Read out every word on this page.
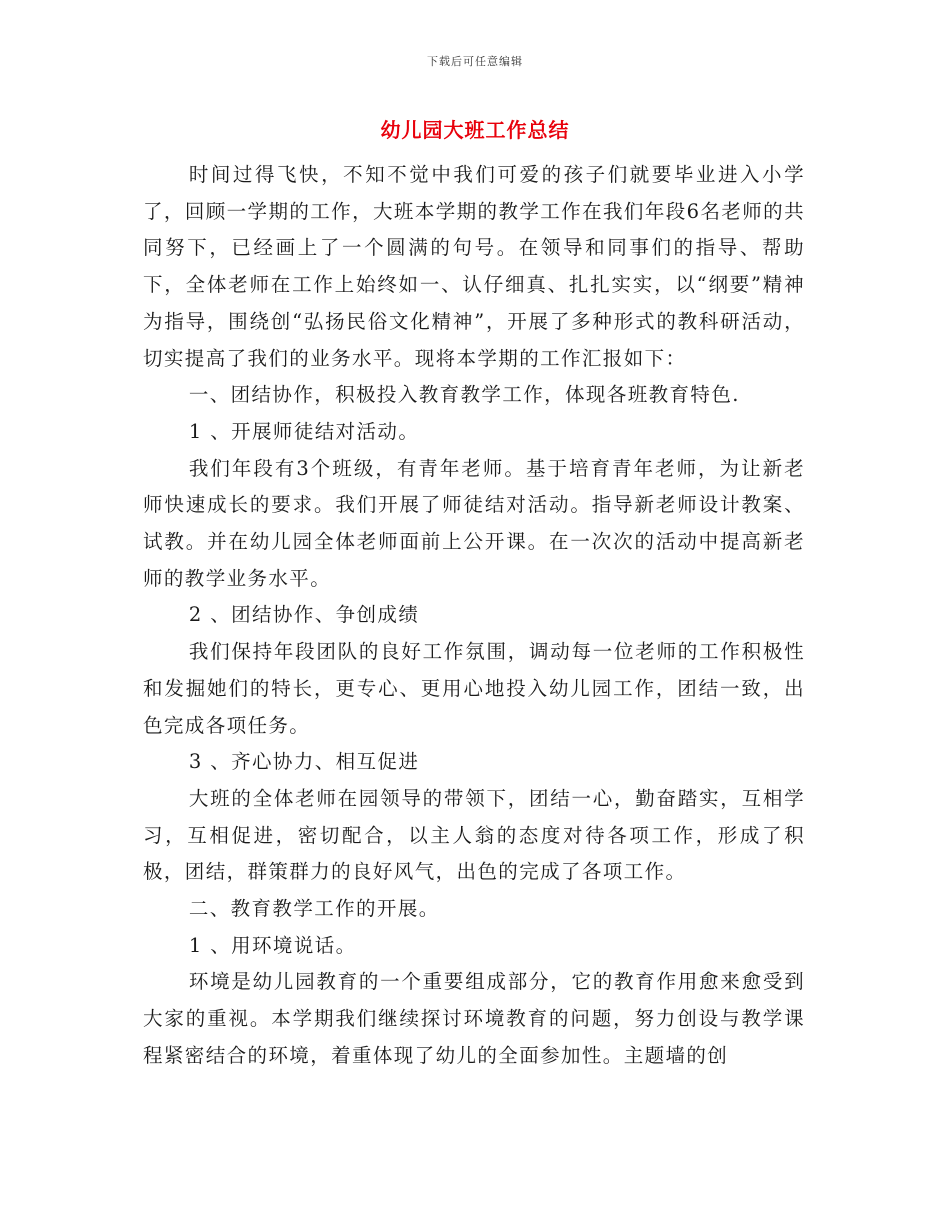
下载后可任意编辑
幼儿园大班工作总结

时间过得飞快，不知不觉中我们可爱的孩子们就要毕业进入小学了，回顾一学期的工作，大班本学期的教学工作在我们年段6名老师的共同努下，已经画上了一个圆满的句号。在领导和同事们的指导、帮助下，全体老师在工作上始终如一、认仔细真、扎扎实实，以“纲要”精神为指导，围绕创“弘扬民俗文化精神”，开展了多种形式的教科研活动，切实提高了我们的业务水平。现将本学期的工作汇报如下：

一、团结协作，积极投入教育教学工作，体现各班教育特色.

1 、开展师徒结对活动。

我们年段有3个班级，有青年老师。基于培育青年老师，为让新老师快速成长的要求。我们开展了师徒结对活动。指导新老师设计教案、试教。并在幼儿园全体老师面前上公开课。在一次次的活动中提高新老师的教学业务水平。

2 、团结协作、争创成绩

我们保持年段团队的良好工作氛围，调动每一位老师的工作积极性和发掘她们的特长，更专心、更用心地投入幼儿园工作，团结一致，出色完成各项任务。

3 、齐心协力、相互促进

大班的全体老师在园领导的带领下，团结一心，勤奋踏实，互相学习，互相促进，密切配合，以主人翁的态度对待各项工作，形成了积极，团结，群策群力的良好风气，出色的完成了各项工作。

二、教育教学工作的开展。

1 、用环境说话。

环境是幼儿园教育的一个重要组成部分，它的教育作用愈来愈受到大家的重视。本学期我们继续探讨环境教育的问题，努力创设与教学课程紧密结合的环境，着重体现了幼儿的全面参加性。主题墙的创
